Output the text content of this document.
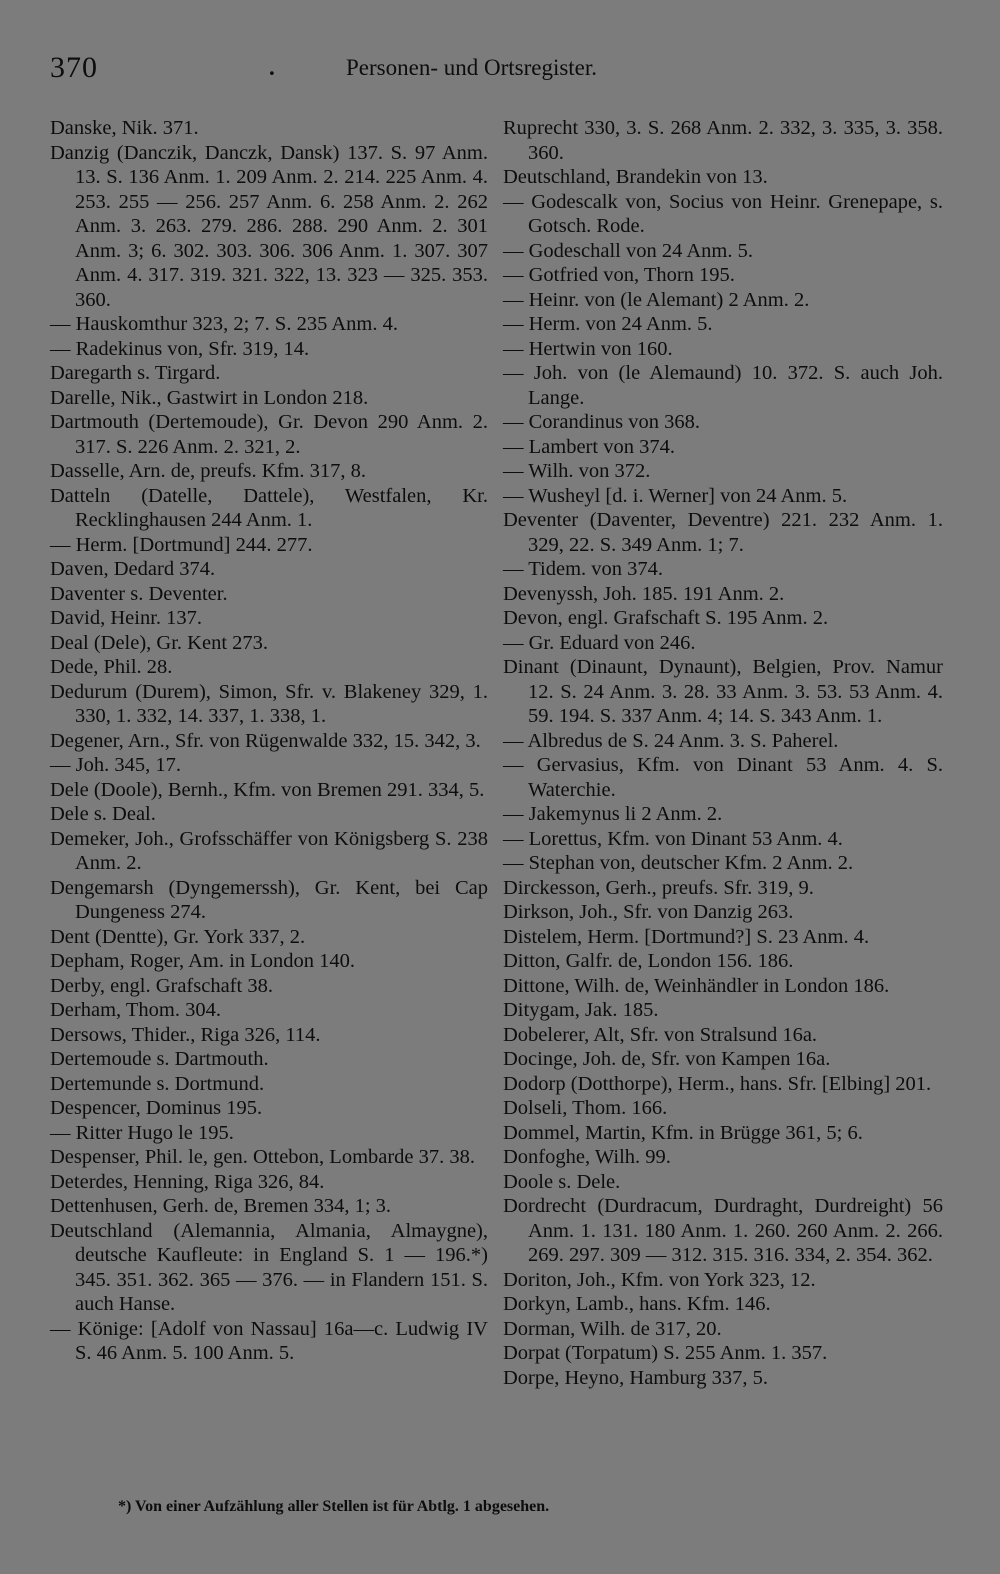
370	.	Personen- und Ortsregister.
Danske, Nik. 371.
Danzig (Danczik, Danczk, Dansk) 137. S. 97 Anm. 13. S. 136 Anm. 1. 209 Anm. 2. 214. 225 Anm. 4. 253. 255 — 256. 257 Anm. 6. 258 Anm. 2. 262 Anm. 3. 263. 279. 286. 288. 290 Anm. 2. 301 Anm. 3; 6. 302. 303. 306. 306 Anm. 1. 307. 307 Anm. 4. 317. 319. 321. 322, 13. 323 — 325. 353. 360.
— Hauskomthur 323, 2; 7. S. 235 Anm. 4.
— Radekinus von, Sfr. 319, 14.
Daregarth s. Tirgard.
Darelle, Nik., Gastwirt in London 218.
Dartmouth (Dertemoude), Gr. Devon 290 Anm. 2. 317. S. 226 Anm. 2. 321, 2.
Dasselle, Arn. de, preufs. Kfm. 317, 8.
Datteln (Datelle, Dattele), Westfalen, Kr. Recklinghausen 244 Anm. 1.
— Herm. [Dortmund] 244. 277.
Daven, Dedard 374.
Daventer s. Deventer.
David, Heinr. 137.
Deal (Dele), Gr. Kent 273.
Dede, Phil. 28.
Dedurum (Durem), Simon, Sfr. v. Blakeney 329, 1. 330, 1. 332, 14. 337, 1. 338, 1.
Degener, Arn., Sfr. von Rügenwalde 332, 15. 342, 3.
— Joh. 345, 17.
Dele (Doole), Bernh., Kfm. von Bremen 291. 334, 5.
Dele s. Deal.
Demeker, Joh., Grofsschäffer von Königsberg S. 238 Anm. 2.
Dengemarsh (Dyngemerssh), Gr. Kent, bei Cap Dungeness 274.
Dent (Dentte), Gr. York 337, 2.
Depham, Roger, Am. in London 140.
Derby, engl. Grafschaft 38.
Derham, Thom. 304.
Dersows, Thider., Riga 326, 114.
Dertemoude s. Dartmouth.
Dertemunde s. Dortmund.
Despencer, Dominus 195.
— Ritter Hugo le 195.
Despenser, Phil. le, gen. Ottebon, Lombarde 37. 38.
Deterdes, Henning, Riga 326, 84.
Dettenhusen, Gerh. de, Bremen 334, 1; 3.
Deutschland (Alemannia, Almania, Almaygne), deutsche Kaufleute: in England S. 1 — 196.*) 345. 351. 362. 365 — 376. — in Flandern 151. S. auch Hanse.
— Könige: [Adolf von Nassau] 16a—c. Ludwig IV S. 46 Anm. 5. 100 Anm. 5.
Ruprecht 330, 3. S. 268 Anm. 2. 332, 3. 335, 3. 358. 360.
Deutschland, Brandekin von 13.
— Godescalk von, Socius von Heinr. Grenepape, s. Gotsch. Rode.
— Godeschall von 24 Anm. 5.
— Gotfried von, Thorn 195.
— Heinr. von (le Alemant) 2 Anm. 2.
— Herm. von 24 Anm. 5.
— Hertwin von 160.
— Joh. von (le Alemaund) 10. 372. S. auch Joh. Lange.
— Corandinus von 368.
— Lambert von 374.
— Wilh. von 372.
— Wusheyl [d. i. Werner] von 24 Anm. 5.
Deventer (Daventer, Deventre) 221. 232 Anm. 1. 329, 22. S. 349 Anm. 1; 7.
— Tidem. von 374.
Devenyssh, Joh. 185. 191 Anm. 2.
Devon, engl. Grafschaft S. 195 Anm. 2.
— Gr. Eduard von 246.
Dinant (Dinaunt, Dynaunt), Belgien, Prov. Namur 12. S. 24 Anm. 3. 28. 33 Anm. 3. 53. 53 Anm. 4. 59. 194. S. 337 Anm. 4; 14. S. 343 Anm. 1.
— Albredus de S. 24 Anm. 3. S. Paherel.
— Gervasius, Kfm. von Dinant 53 Anm. 4. S. Waterchie.
— Jakemynus li 2 Anm. 2.
— Lorettus, Kfm. von Dinant 53 Anm. 4.
— Stephan von, deutscher Kfm. 2 Anm. 2.
Dirckesson, Gerh., preufs. Sfr. 319, 9.
Dirkson, Joh., Sfr. von Danzig 263.
Distelem, Herm. [Dortmund?] S. 23 Anm. 4.
Ditton, Galfr. de, London 156. 186.
Dittone, Wilh. de, Weinhändler in London 186.
Ditygam, Jak. 185.
Dobelerer, Alt, Sfr. von Stralsund 16a.
Docinge, Joh. de, Sfr. von Kampen 16a.
Dodorp (Dotthorpe), Herm., hans. Sfr. [Elbing] 201.
Dolseli, Thom. 166.
Dommel, Martin, Kfm. in Brügge 361, 5; 6.
Donfoghe, Wilh. 99.
Doole s. Dele.
Dordrecht (Durdracum, Durdraght, Durdreight) 56 Anm. 1. 131. 180 Anm. 1. 260. 260 Anm. 2. 266. 269. 297. 309 — 312. 315. 316. 334, 2. 354. 362.
Doriton, Joh., Kfm. von York 323, 12.
Dorkyn, Lamb., hans. Kfm. 146.
Dorman, Wilh. de 317, 20.
Dorpat (Torpatum) S. 255 Anm. 1. 357.
Dorpe, Heyno, Hamburg 337, 5.
*) Von einer Aufzählung aller Stellen ist für Abtlg. 1 abgesehen.
